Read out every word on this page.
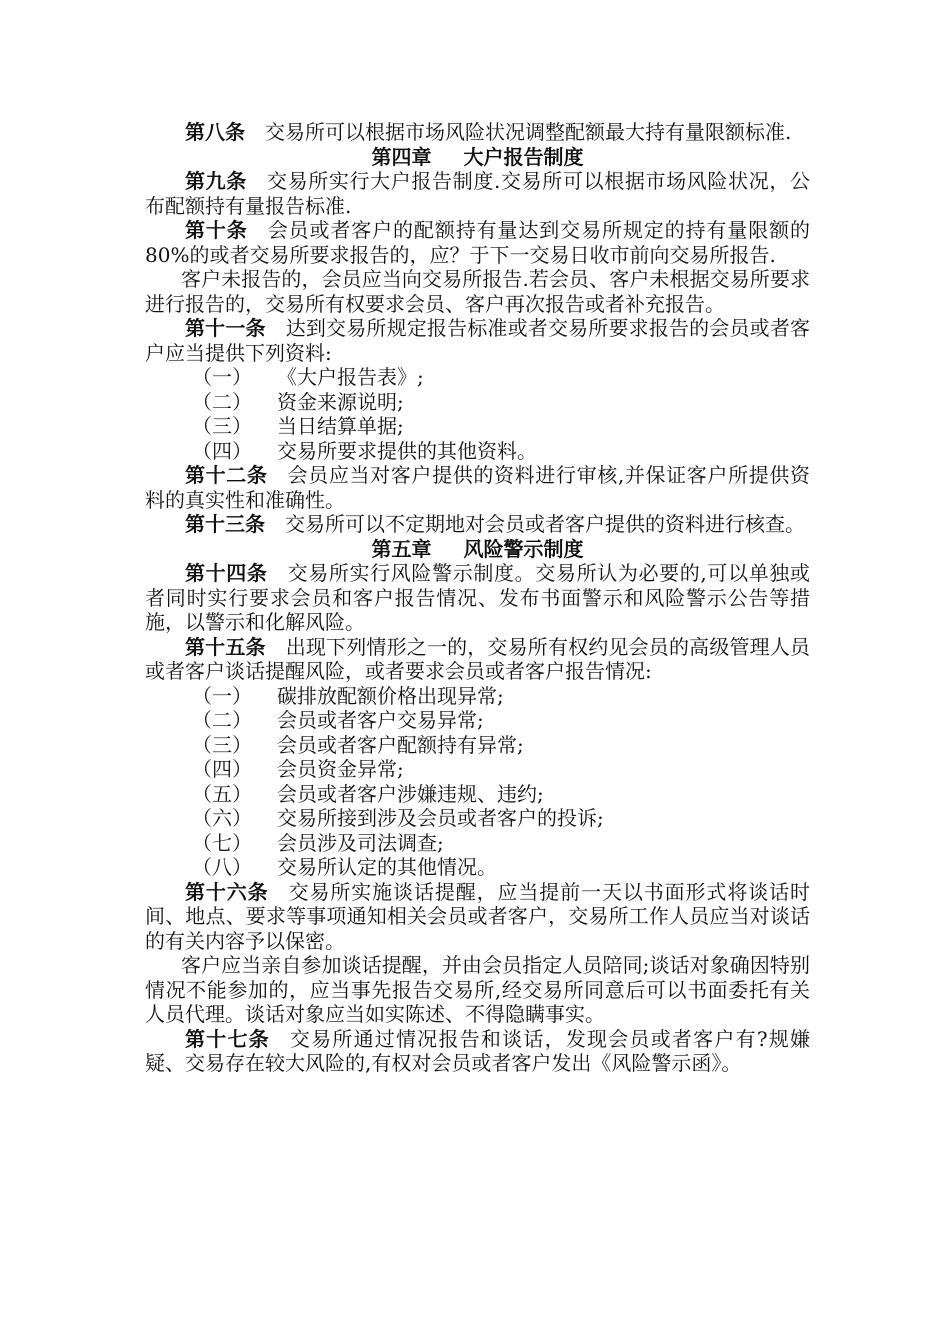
第八条 交易所可以根据市场风险状况调整配额最大持有量限额标准.

第四章 大户报告制度

第九条 交易所实行大户报告制度.交易所可以根据市场风险状况，公布配额持有量报告标准.

第十条 会员或者客户的配额持有量达到交易所规定的持有量限额的80%的或者交易所要求报告的，应？于下一交易日收市前向交易所报告.

客户未报告的，会员应当向交易所报告.若会员、客户未根据交易所要求进行报告的，交易所有权要求会员、客户再次报告或者补充报告。

第十一条 达到交易所规定报告标准或者交易所要求报告的会员或者客户应当提供下列资料:

（一）	《大户报告表》;

（二）	资金来源说明;

（三）	当日结算单据;

（四）	交易所要求提供的其他资料。

第十二条 会员应当对客户提供的资料进行审核,并保证客户所提供资料的真实性和准确性。

第十三条 交易所可以不定期地对会员或者客户提供的资料进行核查。

第五章 风险警示制度

第十四条 交易所实行风险警示制度。交易所认为必要的,可以单独或者同时实行要求会员和客户报告情况、发布书面警示和风险警示公告等措施，以警示和化解风险。

第十五条 出现下列情形之一的，交易所有权约见会员的高级管理人员或者客户谈话提醒风险，或者要求会员或者客户报告情况:

（一）	碳排放配额价格出现异常;

（二）	会员或者客户交易异常;

（三）	会员或者客户配额持有异常;

（四）	会员资金异常;

（五）	会员或者客户涉嫌违规、违约;

（六）	交易所接到涉及会员或者客户的投诉;

（七）	会员涉及司法调查;

（八）	交易所认定的其他情况。

第十六条 交易所实施谈话提醒，应当提前一天以书面形式将谈话时间、地点、要求等事项通知相关会员或者客户，交易所工作人员应当对谈话的有关内容予以保密。

客户应当亲自参加谈话提醒，并由会员指定人员陪同;谈话对象确因特别情况不能参加的，应当事先报告交易所,经交易所同意后可以书面委托有关人员代理。谈话对象应当如实陈述、不得隐瞒事实。

第十七条 交易所通过情况报告和谈话，发现会员或者客户有?规嫌疑、交易存在较大风险的,有权对会员或者客户发出《风险警示函》。
